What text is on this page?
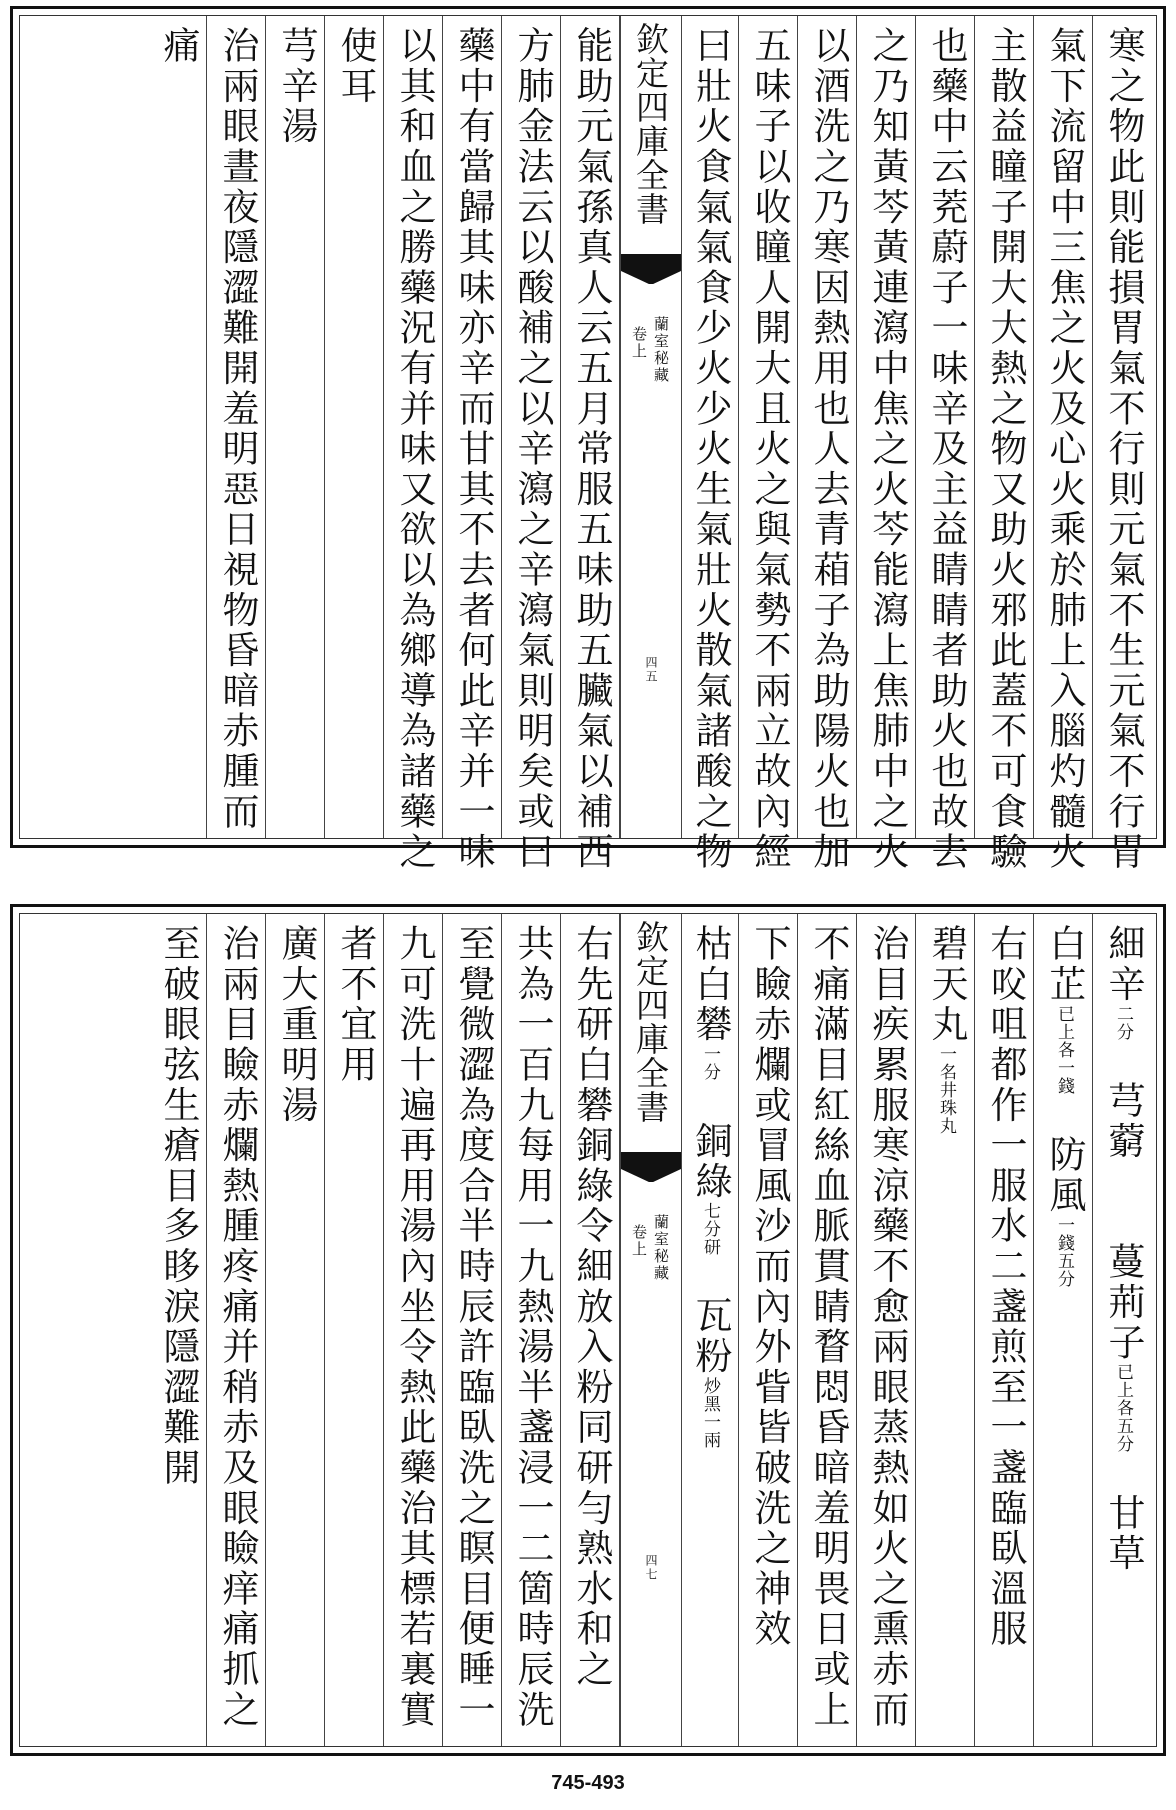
寒之物此則能損胃氣不行則元氣不生元氣不行胃
氣下流留中三焦之火及心火乘於肺上入腦灼髓火
主散益瞳子開大大熱之物又助火邪此蓋不可食驗
也藥中云茺蔚子一味辛及主益睛睛者助火也故去
之乃知黃芩黃連瀉中焦之火芩能瀉上焦肺中之火
以酒洗之乃寒因熱用也人去青葙子為助陽火也加
五味子以收瞳人開大且火之與氣勢不兩立故內經
曰壯火食氣氣食少火少火生氣壯火散氣諸酸之物
欽定四庫全書
蘭室秘藏
卷上
四五
能助元氣孫真人云五月常服五味助五臟氣以補西
方肺金法云以酸補之以辛瀉之辛瀉氣則明矣或曰
藥中有當歸其味亦辛而甘其不去者何此辛并一味
以其和血之勝藥況有并味又欲以為鄉導為諸藥之
使耳
芎辛湯
治兩眼晝夜隱澀難開羞明惡日視物昏暗赤腫而
痛
細辛二分　芎藭　　蔓荊子已上各五分　甘草
白芷已上各一錢　防風一錢五分
右㕮咀都作一服水二盞煎至一盞臨臥溫服
碧天丸一名井珠丸
治目疾累服寒涼藥不愈兩眼蒸熱如火之熏赤而
不痛滿目紅絲血脈貫睛瞀悶昏暗羞明畏日或上
下瞼赤爛或冒風沙而內外眥皆破洗之神效
枯白礬一分　銅綠七分研　瓦粉炒黑一兩
欽定四庫全書
蘭室秘藏
卷上
四七
右先研白礬銅綠令細放入粉同研勻熟水和之
共為一百九每用一九熱湯半盞浸一二箇時辰洗
至覺微澀為度合半時辰許臨臥洗之瞑目便睡一
九可洗十遍再用湯內坐令熱此藥治其標若裏實
者不宜用
廣大重明湯
治兩目瞼赤爛熱腫疼痛并稍赤及眼瞼痒痛抓之
至破眼弦生瘡目多眵淚隱澀難開
745-493
